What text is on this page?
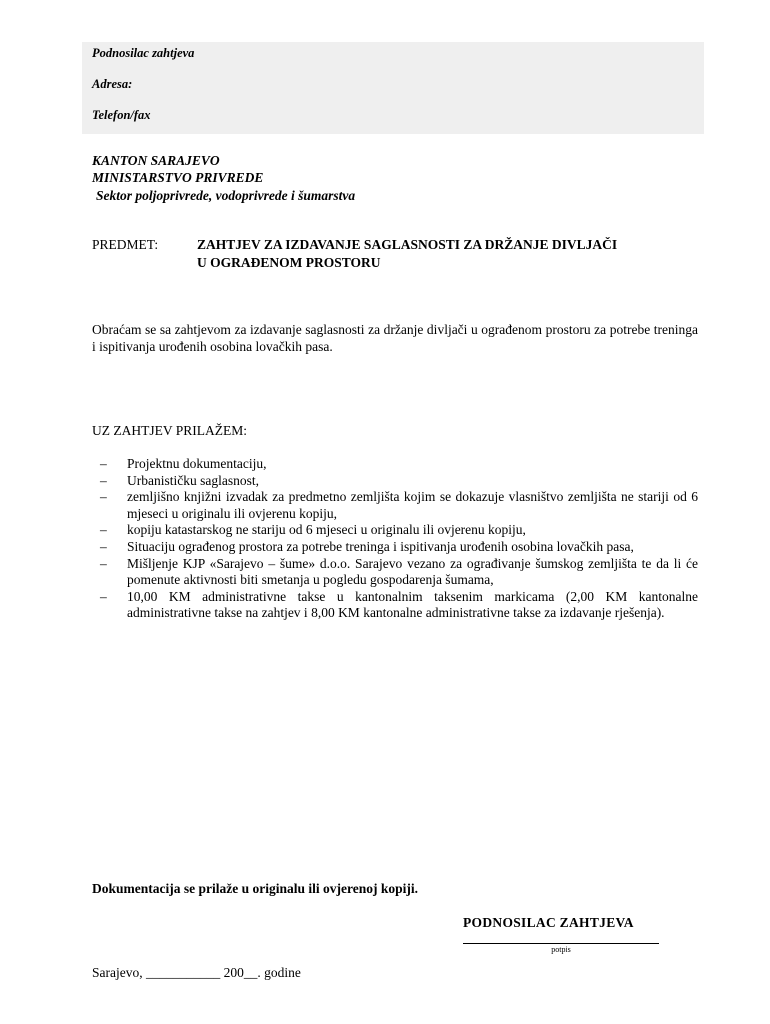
Podnosilac zahtjeva
Adresa:
Telefon/fax
KANTON SARAJEVO
MINISTARSTVO PRIVREDE
Sektor poljoprivrede, vodoprivrede i šumarstva
PREDMET:	ZAHTJEV ZA IZDAVANJE SAGLASNOSTI ZA DRŽANJE DIVLJAČI
U OGRAĐENOM PROSTORU
Obraćam se sa zahtjevom za izdavanje saglasnosti za držanje divljači u ograđenom prostoru za potrebe treninga i ispitivanja urođenih osobina lovačkih pasa.
UZ ZAHTJEV PRILAŽEM:
– Projektnu dokumentaciju,
– Urbanističku saglasnost,
– zemljišno knjižni izvadak za predmetno zemljišta kojim se dokazuje vlasništvo zemljišta ne stariji od 6 mjeseci u originalu ili ovjerenu kopiju,
– kopiju katastarskog ne stariju od 6 mjeseci u originalu ili ovjerenu kopiju,
– Situaciju ograđenog prostora za potrebe treninga i ispitivanja urođenih osobina lovačkih pasa,
– Mišljenje KJP «Sarajevo – šume» d.o.o. Sarajevo vezano za ograđivanje šumskog zemljišta te da li će pomenute aktivnosti biti smetanja u pogledu gospodarenja šumama,
– 10,00 KM administrativne takse u kantonalnim taksenim markicama (2,00 KM kantonalne administrativne takse na zahtjev i 8,00 KM kantonalne administrativne takse za izdavanje rješenja).
Dokumentacija se prilaže u originalu ili ovjerenoj kopiji.
PODNOSILAC ZAHTJEVA
potpis
Sarajevo, ___________ 200__. godine
